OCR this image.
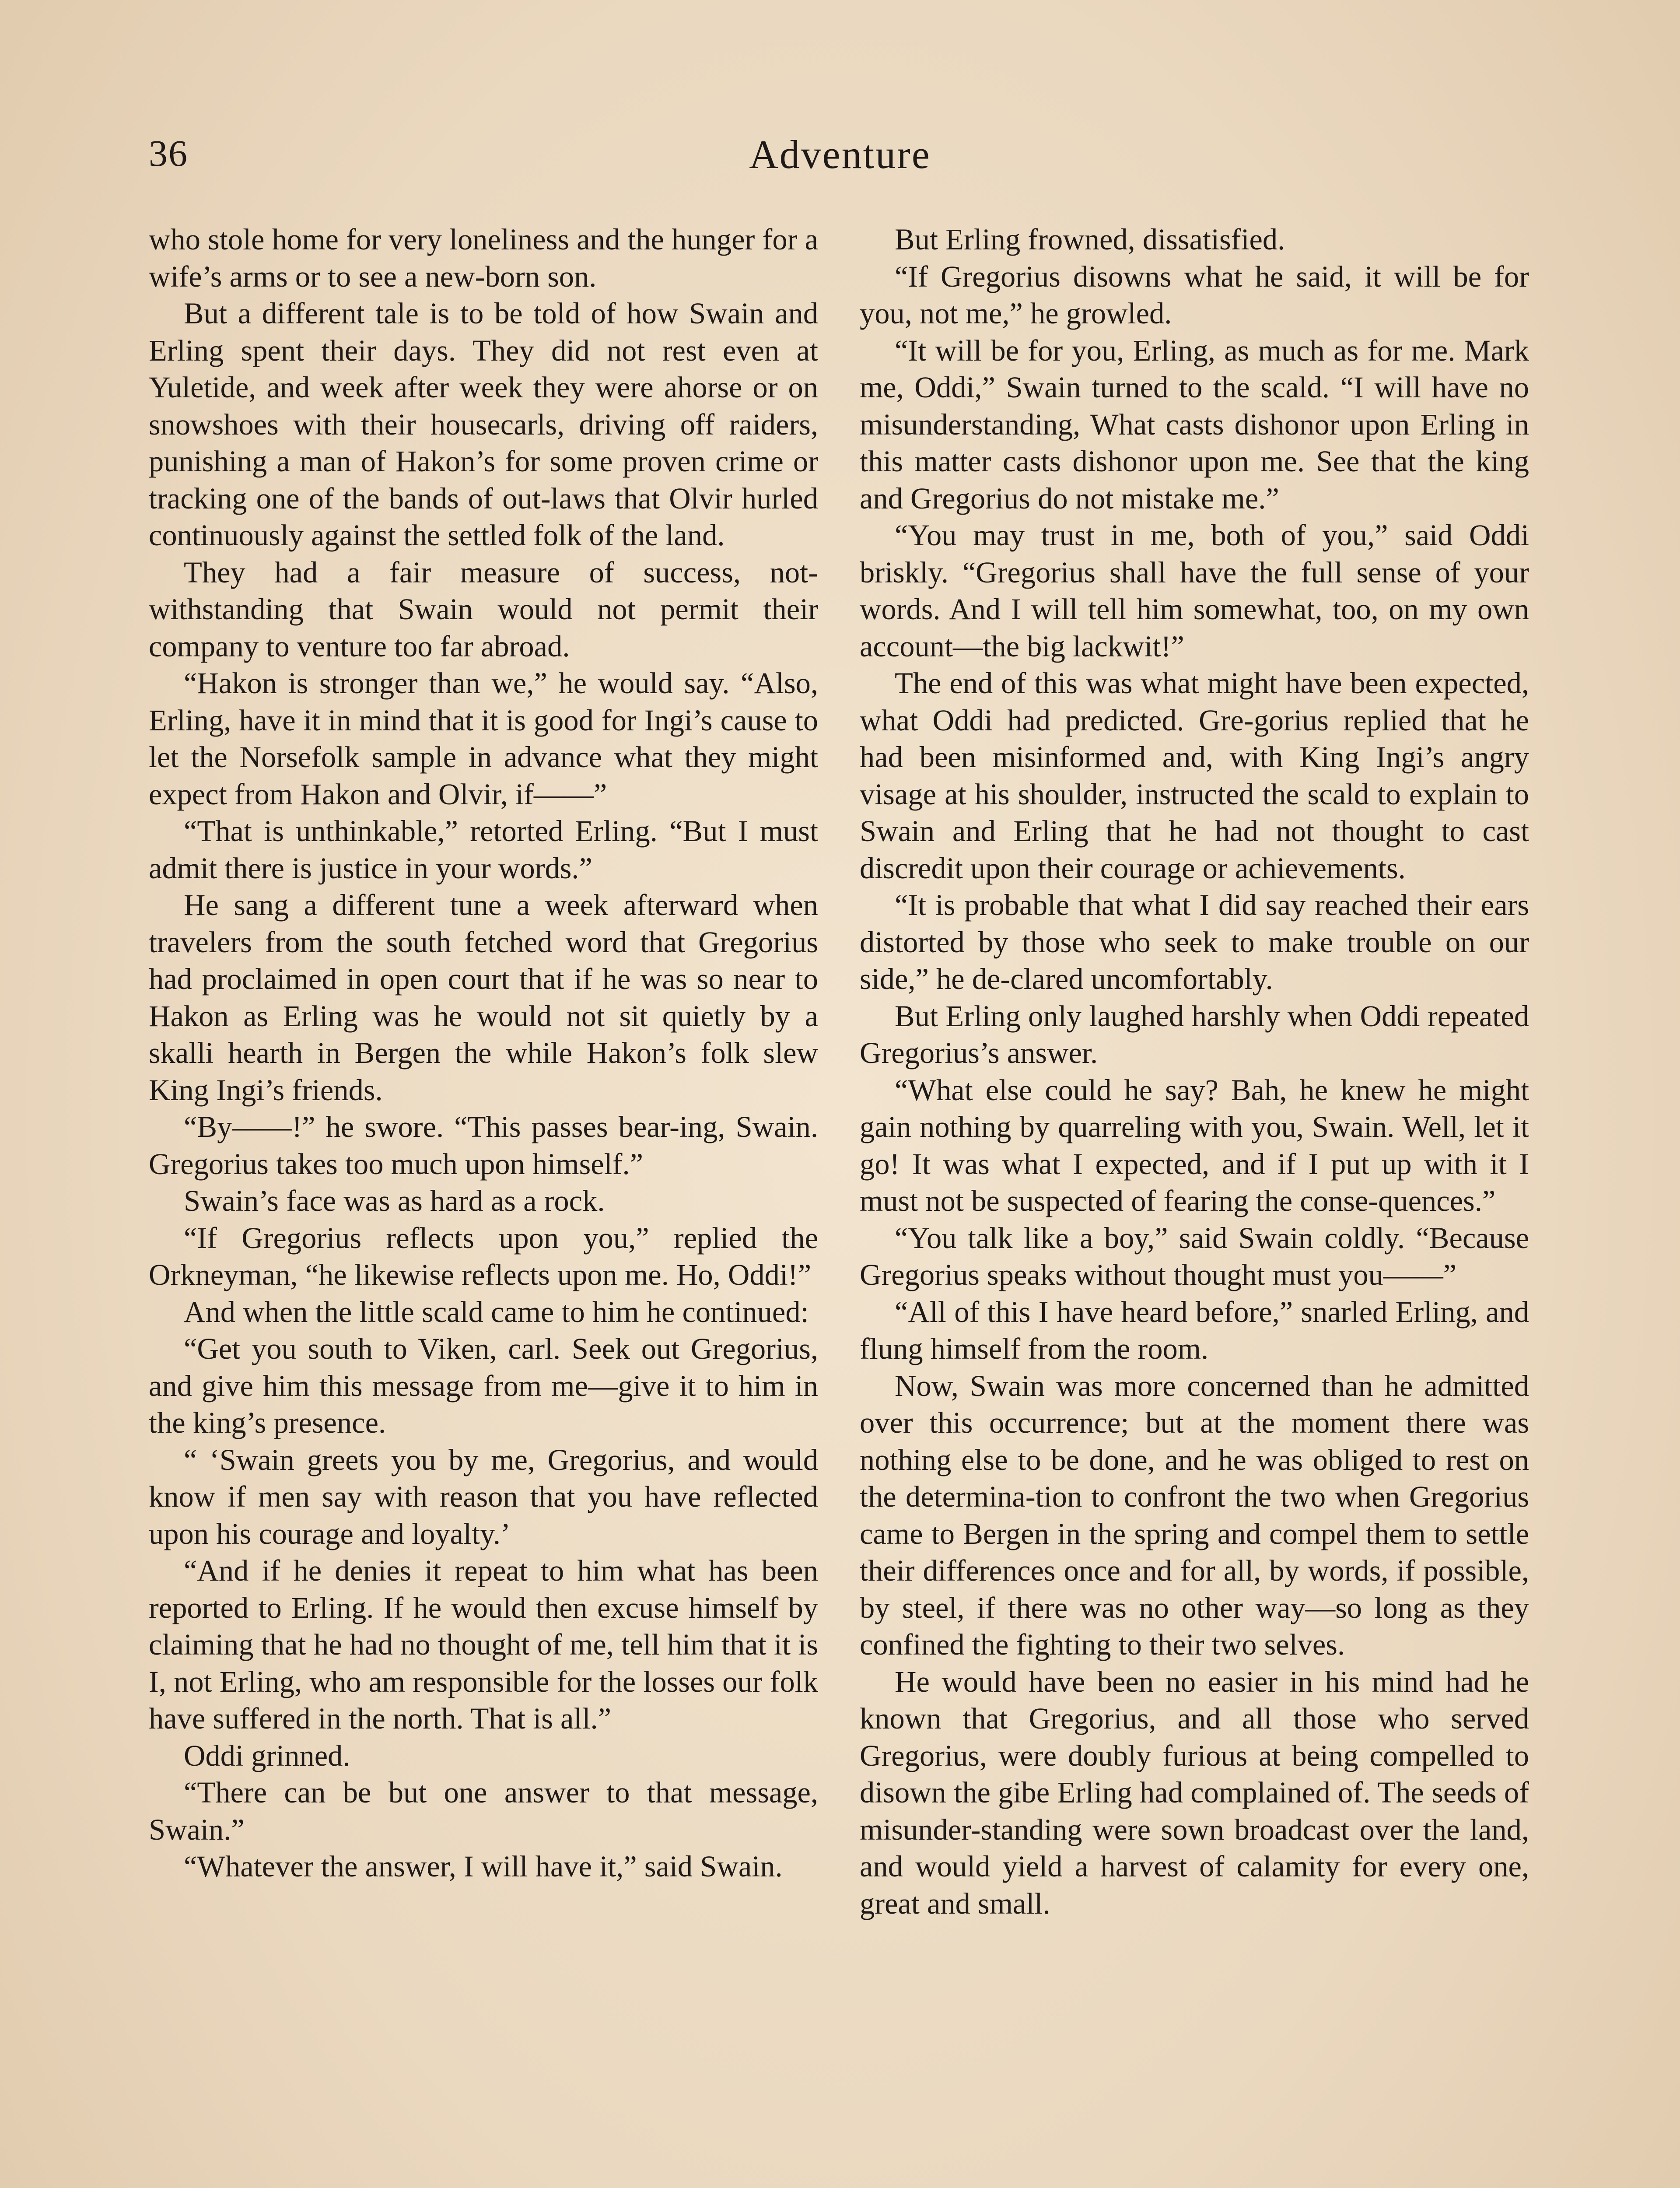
36	Adventure

who stole home for very loneliness and the hunger for a wife’s arms or to see a new-born son.

But a different tale is to be told of how Swain and Erling spent their days. They did not rest even at Yuletide, and week after week they were ahorse or on snowshoes with their housecarls, driving off raiders, punishing a man of Hakon’s for some proven crime or tracking one of the bands of out-laws that Olvir hurled continuously against the settled folk of the land.

They had a fair measure of success, not-withstanding that Swain would not permit their company to venture too far abroad.

“Hakon is stronger than we,” he would say. “Also, Erling, have it in mind that it is good for Ingi’s cause to let the Norsefolk sample in advance what they might expect from Hakon and Olvir, if——”

“That is unthinkable,” retorted Erling. “But I must admit there is justice in your words.”

He sang a different tune a week afterward when travelers from the south fetched word that Gregorius had proclaimed in open court that if he was so near to Hakon as Erling was he would not sit quietly by a skalli hearth in Bergen the while Hakon’s folk slew King Ingi’s friends.

“By——!” he swore. “This passes bear-ing, Swain. Gregorius takes too much upon himself.”

Swain’s face was as hard as a rock.

“If Gregorius reflects upon you,” replied the Orkneyman, “he likewise reflects upon me. Ho, Oddi!”

And when the little scald came to him he continued:

“Get you south to Viken, carl. Seek out Gregorius, and give him this message from me—give it to him in the king’s presence.

“ ‘Swain greets you by me, Gregorius, and would know if men say with reason that you have reflected upon his courage and loyalty.’

“And if he denies it repeat to him what has been reported to Erling. If he would then excuse himself by claiming that he had no thought of me, tell him that it is I, not Erling, who am responsible for the losses our folk have suffered in the north. That is all.”

Oddi grinned.

“There can be but one answer to that message, Swain.”

“Whatever the answer, I will have it,” said Swain.

But Erling frowned, dissatisfied.

“If Gregorius disowns what he said, it will be for you, not me,” he growled.

“It will be for you, Erling, as much as for me. Mark me, Oddi,” Swain turned to the scald. “I will have no misunderstanding, What casts dishonor upon Erling in this matter casts dishonor upon me. See that the king and Gregorius do not mistake me.”

“You may trust in me, both of you,” said Oddi briskly. “Gregorius shall have the full sense of your words. And I will tell him somewhat, too, on my own account—the big lackwit!”

The end of this was what might have been expected, what Oddi had predicted. Gre-gorius replied that he had been misinformed and, with King Ingi’s angry visage at his shoulder, instructed the scald to explain to Swain and Erling that he had not thought to cast discredit upon their courage or achievements.

“It is probable that what I did say reached their ears distorted by those who seek to make trouble on our side,” he de-clared uncomfortably.

But Erling only laughed harshly when Oddi repeated Gregorius’s answer.

“What else could he say? Bah, he knew he might gain nothing by quarreling with you, Swain. Well, let it go! It was what I expected, and if I put up with it I must not be suspected of fearing the conse-quences.”

“You talk like a boy,” said Swain coldly. “Because Gregorius speaks without thought must you——”

“All of this I have heard before,” snarled Erling, and flung himself from the room.

Now, Swain was more concerned than he admitted over this occurrence; but at the moment there was nothing else to be done, and he was obliged to rest on the determina-tion to confront the two when Gregorius came to Bergen in the spring and compel them to settle their differences once and for all, by words, if possible, by steel, if there was no other way—so long as they confined the fighting to their two selves.

He would have been no easier in his mind had he known that Gregorius, and all those who served Gregorius, were doubly furious at being compelled to disown the gibe Erling had complained of. The seeds of misunder-standing were sown broadcast over the land, and would yield a harvest of calamity for every one, great and small.
